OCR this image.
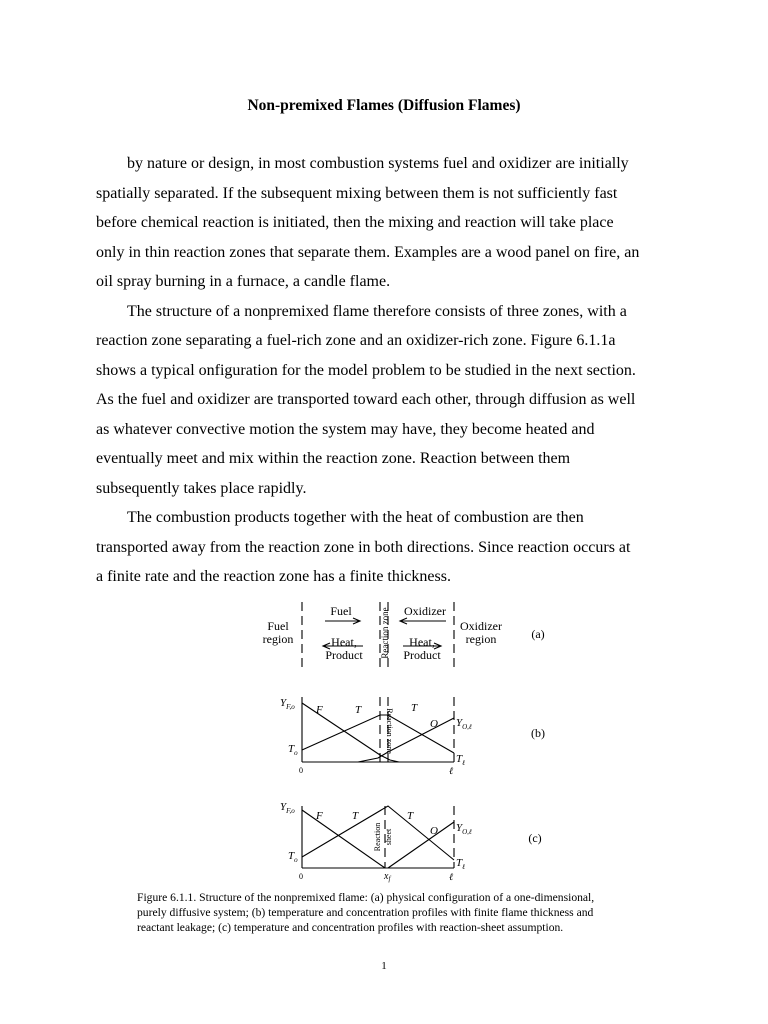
Non-premixed Flames (Diffusion Flames)
by nature or design, in most combustion systems fuel and oxidizer are initially
spatially separated. If the subsequent mixing between them is not sufficiently fast
before chemical reaction is initiated, then the mixing and reaction will take place
only in thin reaction zones that separate them. Examples are a wood panel on fire, an
oil spray burning in a furnace, a candle flame.
The structure of a nonpremixed flame therefore consists of three zones, with a
reaction zone separating a fuel-rich zone and an oxidizer-rich zone. Figure 6.1.1a
shows a typical onfiguration for the model problem to be studied in the next section.
As the fuel and oxidizer are transported toward each other, through diffusion as well
as whatever convective motion the system may have, they become heated and
eventually meet and mix within the reaction zone. Reaction between them
subsequently takes place rapidly.
The combustion products together with the heat of combustion are then
transported away from the reaction zone in both directions. Since reaction occurs at
a finite rate and the reaction zone has a finite thickness.
Fuel
region
Fuel
Heat,
Product Reaction zone Oxidizer
Heat,
Product
Oxidizer
region	(a)
$Y_{F,o}$ F	T	Reaction zone
T
O $Y_{O,\ell}$
$T_o$	$T_\ell$
0	ℓ
(b)
$Y_{F,o}$ F	T	T
Reaction sheet	O $Y_{O,\ell}$
$T_o$	$T_\ell$
0	$x_f$	ℓ
(c)
Figure 6.1.1. Structure of the nonpremixed flame: (a) physical configuration of a one-dimensional,
purely diffusive system; (b) temperature and concentration profiles with finite flame thickness and
reactant leakage; (c) temperature and concentration profiles with reaction-sheet assumption.
1
